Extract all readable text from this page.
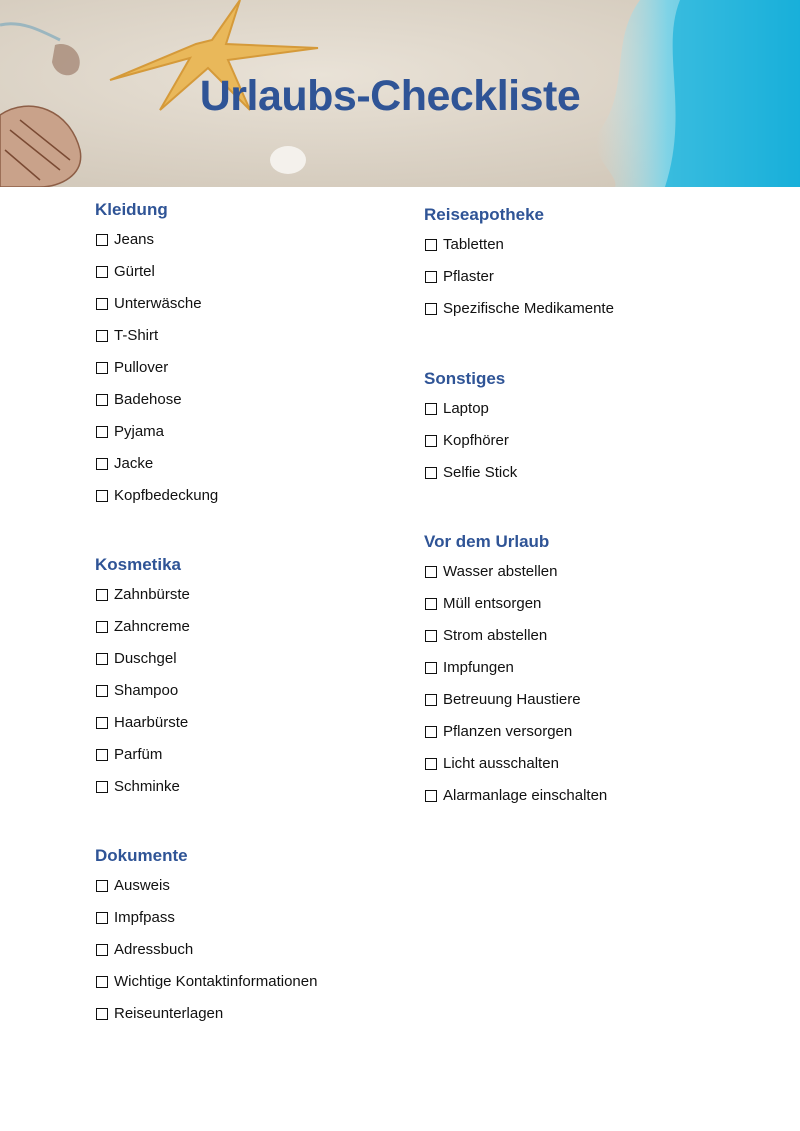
Urlaubs-Checkliste
Kleidung
Jeans
Gürtel
Unterwäsche
T-Shirt
Pullover
Badehose
Pyjama
Jacke
Kopfbedeckung
Kosmetika
Zahnbürste
Zahncreme
Duschgel
Shampoo
Haarbürste
Parfüm
Schminke
Dokumente
Ausweis
Impfpass
Adressbuch
Wichtige Kontaktinformationen
Reiseunterlagen
Reiseapotheke
Tabletten
Pflaster
Spezifische Medikamente
Sonstiges
Laptop
Kopfhörer
Selfie Stick
Vor dem Urlaub
Wasser abstellen
Müll entsorgen
Strom abstellen
Impfungen
Betreuung Haustiere
Pflanzen versorgen
Licht ausschalten
Alarmanlage einschalten
